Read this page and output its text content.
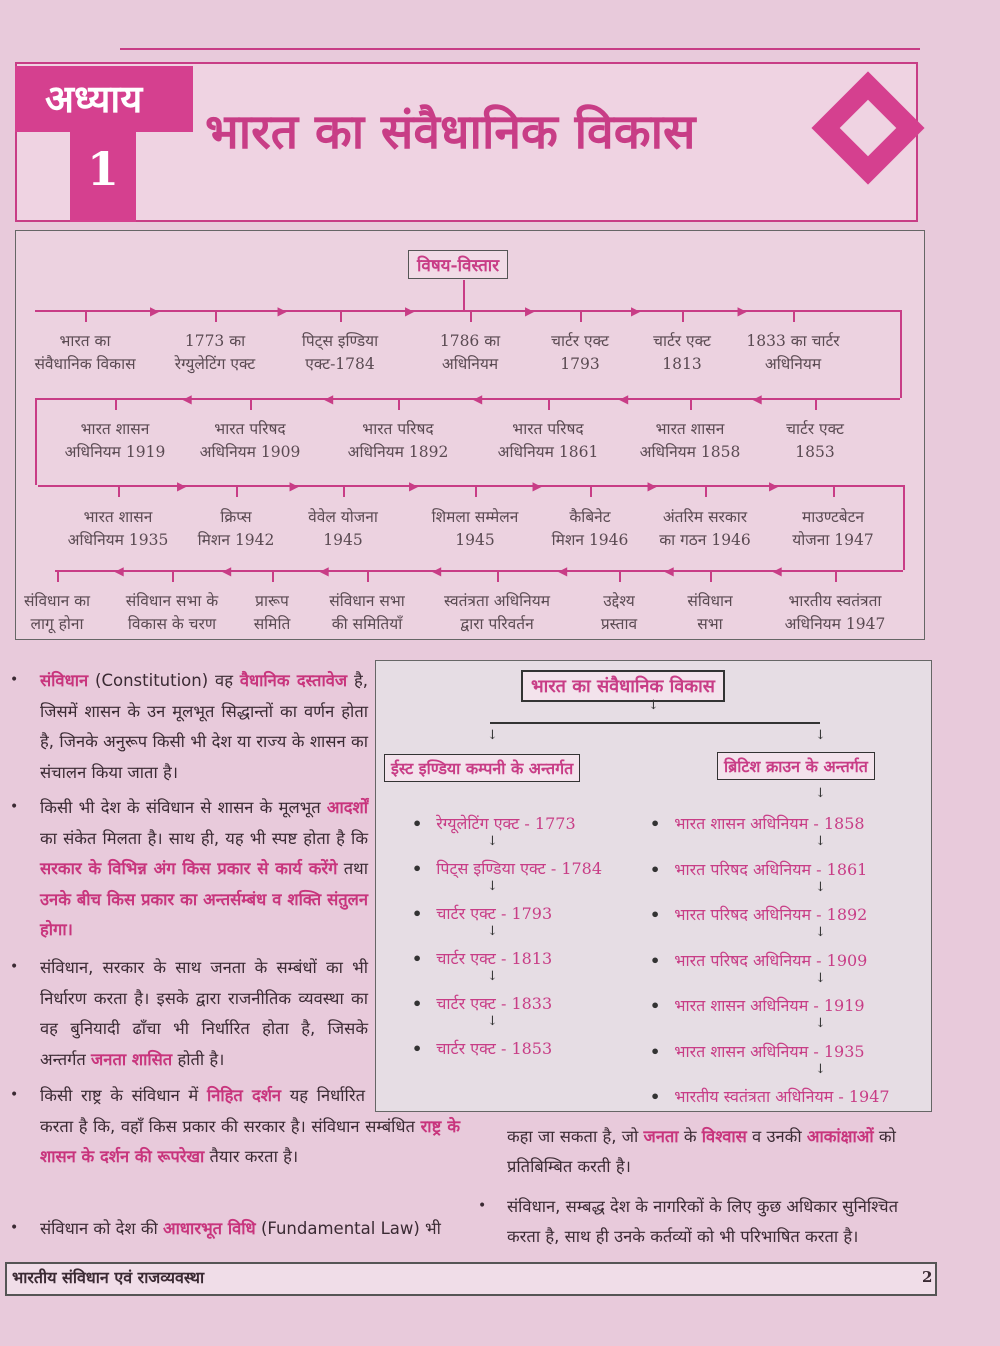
अध्याय
1
भारत का संवैधानिक विकास
विषय-विस्तार
भारत का
संवैधानिक विकास
▶
1773 का
रेग्युलेटिंग एक्ट
▶
पिट्स इण्डिया
एक्ट-1784
▶
1786 का
अधिनियम
▶
चार्टर एक्ट
1793
▶
चार्टर एक्ट
1813
▶
1833 का चार्टर
अधिनियम
भारत शासन
अधिनियम 1919
◀
भारत परिषद
अधिनियम 1909
◀
भारत परिषद
अधिनियम 1892
◀
भारत परिषद
अधिनियम 1861
◀
भारत शासन
अधिनियम 1858
◀
चार्टर एक्ट
1853
भारत शासन
अधिनियम 1935
▶
क्रिप्स
मिशन 1942
▶
वेवेल योजना
1945
▶
शिमला सम्मेलन
1945
▶
कैबिनेट
मिशन 1946
▶
अंतरिम सरकार
का गठन 1946
▶
माउण्टबेटन
योजना 1947
संविधान का
लागू होना
◀
संविधान सभा के
विकास के चरण
◀
प्रारूप
समिति
◀
संविधान सभा
की समितियाँ
◀
स्वतंत्रता अधिनियम
द्वारा परिवर्तन
◀
उद्देश्य
प्रस्ताव
◀
संविधान
सभा
◀
भारतीय स्वतंत्रता
अधिनियम 1947
भारत का संवैधानिक विकास
ईस्ट इण्डिया कम्पनी के अन्तर्गत	ब्रिटिश क्राउन के अन्तर्गत
• रेग्यूलेटिंग एक्ट - 1773
↓
• पिट्स इण्डिया एक्ट - 1784
↓
• चार्टर एक्ट - 1793
↓
• चार्टर एक्ट - 1813
↓
• चार्टर एक्ट - 1833
↓
• चार्टर एक्ट - 1853
• भारत शासन अधिनियम - 1858
↓
• भारत परिषद अधिनियम - 1861
↓
• भारत परिषद अधिनियम - 1892
↓
• भारत परिषद अधिनियम - 1909
↓
• भारत शासन अधिनियम - 1919
↓
• भारत शासन अधिनियम - 1935
↓
• भारतीय स्वतंत्रता अधिनियम - 1947
↓	↓
↓
↓

संविधान (Constitution) वह वैधानिक दस्तावेज है, जिसमें शासन के उन मूलभूत सिद्धान्तों का वर्णन होता है, जिनके अनुरूप किसी भी देश या राज्य के शासन का संचालन किया जाता है।

•

किसी भी देश के संविधान से शासन के मूलभूत आदर्शों का संकेत मिलता है। साथ ही, यह भी स्पष्ट होता है कि सरकार के विभिन्न अंग किस प्रकार से कार्य करेंगे तथा उनके बीच किस प्रकार का अन्तर्सम्बंध व शक्ति संतुलन होगा।

•

संविधान, सरकार के साथ जनता के सम्बंधों का भी निर्धारण करता है। इसके द्वारा राजनीतिक व्यवस्था का वह बुनियादी ढाँचा भी निर्धारित होता है, जिसके अन्तर्गत जनता शासित होती है।

•

किसी राष्ट्र के संविधान में निहित दर्शन यह निर्धारित करता है कि, वहाँ किस प्रकार की सरकार है। संविधान सम्बंधित राष्ट्र के शासन के दर्शन की रूपरेखा तैयार करता है।

•

संविधान को देश की आधारभूत विधि (Fundamental Law) भी

•

कहा जा सकता है, जो जनता के विश्वास व उनकी आकांक्षाओं को प्रतिबिम्बित करती है।

संविधान, सम्बद्ध देश के नागरिकों के लिए कुछ अधिकार सुनिश्चित करता है, साथ ही उनके कर्तव्यों को भी परिभाषित करता है।

•
भारतीय संविधान एवं राजव्यवस्था	2
